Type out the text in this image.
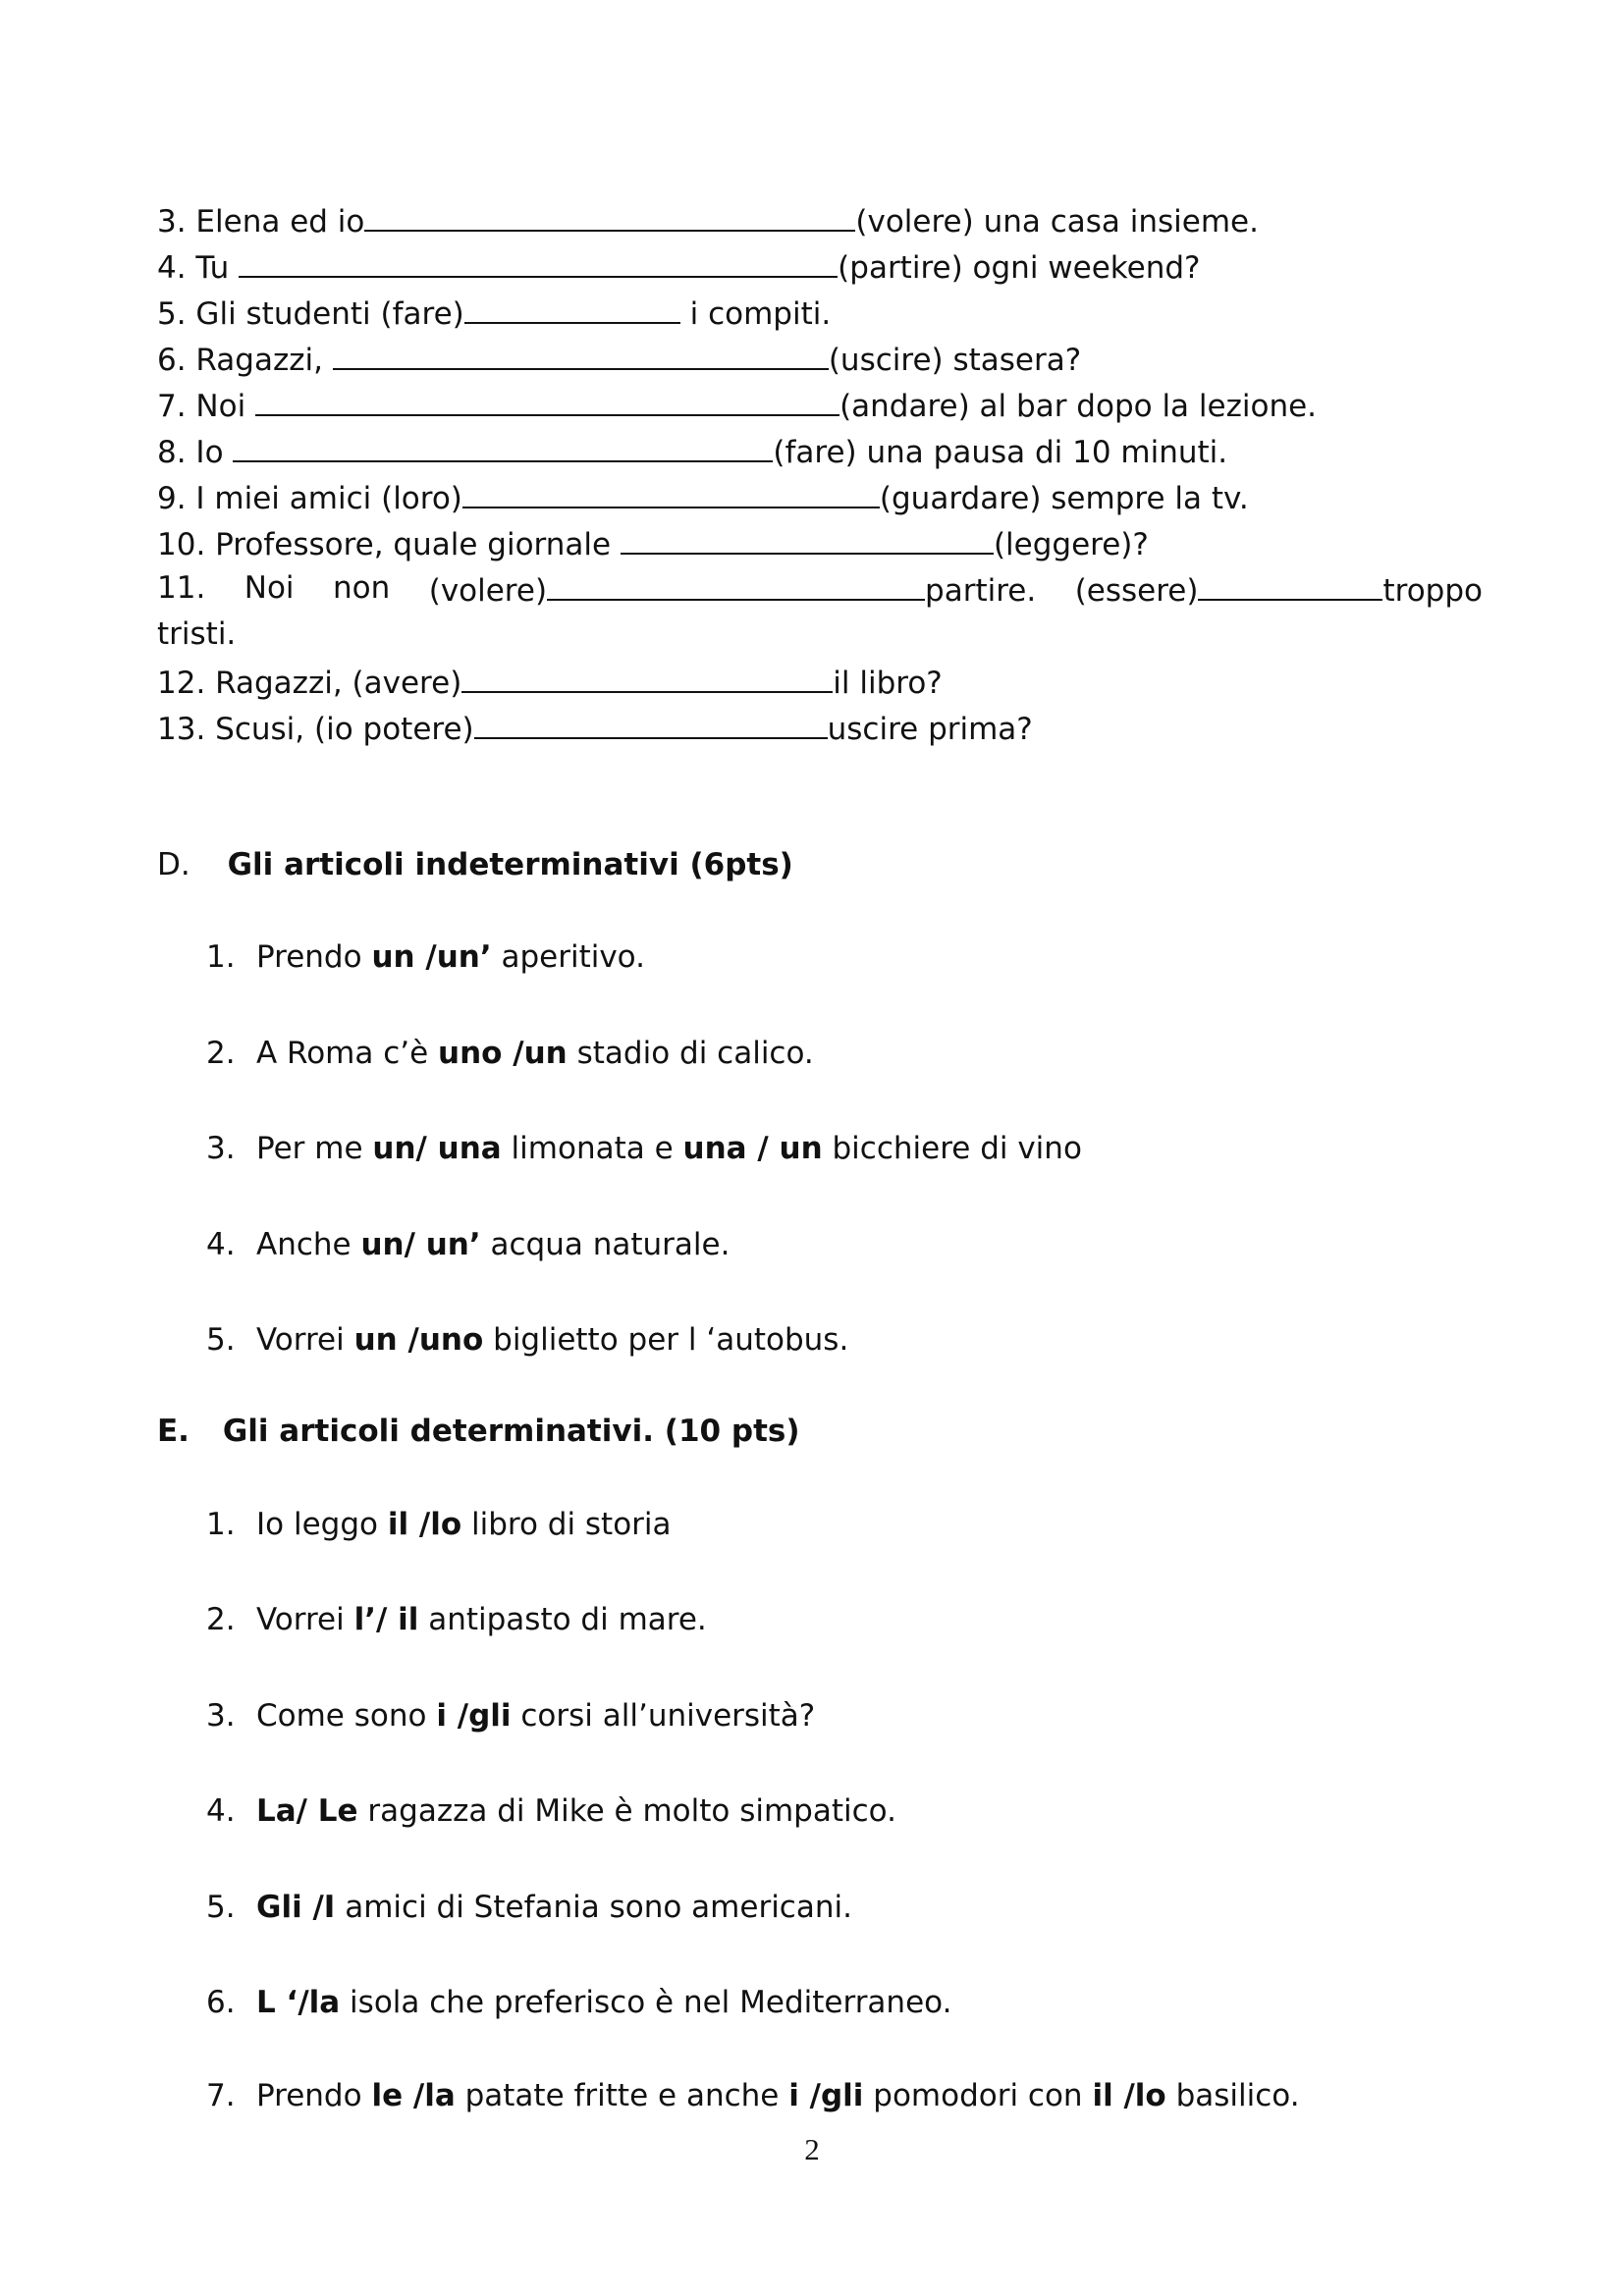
3. Elena ed io	(volere) una casa insieme.
4. Tu	(partire) ogni weekend?
5. Gli studenti (fare)	i compiti.
6. Ragazzi,	(uscire) stasera?
7. Noi	(andare) al bar dopo la lezione.
8. Io	(fare) una pausa di 10 minuti.
9. I miei amici (loro)	(guardare) sempre la tv.
10. Professore, quale giornale	(leggere)?
11. Noi non (volere)	partire. (essere)	troppo
tristi.
12. Ragazzi, (avere)	il libro?
13. Scusi, (io potere)	uscire prima?
D. Gli articoli indeterminativi (6pts)
1. Prendo un /un’ aperitivo.
2. A Roma c’è uno /un stadio di calico.
3. Per me un/ una limonata e una / un bicchiere di vino
4. Anche un/ un’ acqua naturale.
5. Vorrei un /uno biglietto per l ‘autobus.
E. Gli articoli determinativi. (10 pts)
1. Io leggo il /lo libro di storia
2. Vorrei l’/ il antipasto di mare.
3. Come sono i /gli corsi all’università?
4. La/ Le ragazza di Mike è molto simpatico.
5. Gli /I amici di Stefania sono americani.
6. L ‘/la isola che preferisco è nel Mediterraneo.
7. Prendo le /la patate fritte e anche i /gli pomodori con il /lo basilico.
2
